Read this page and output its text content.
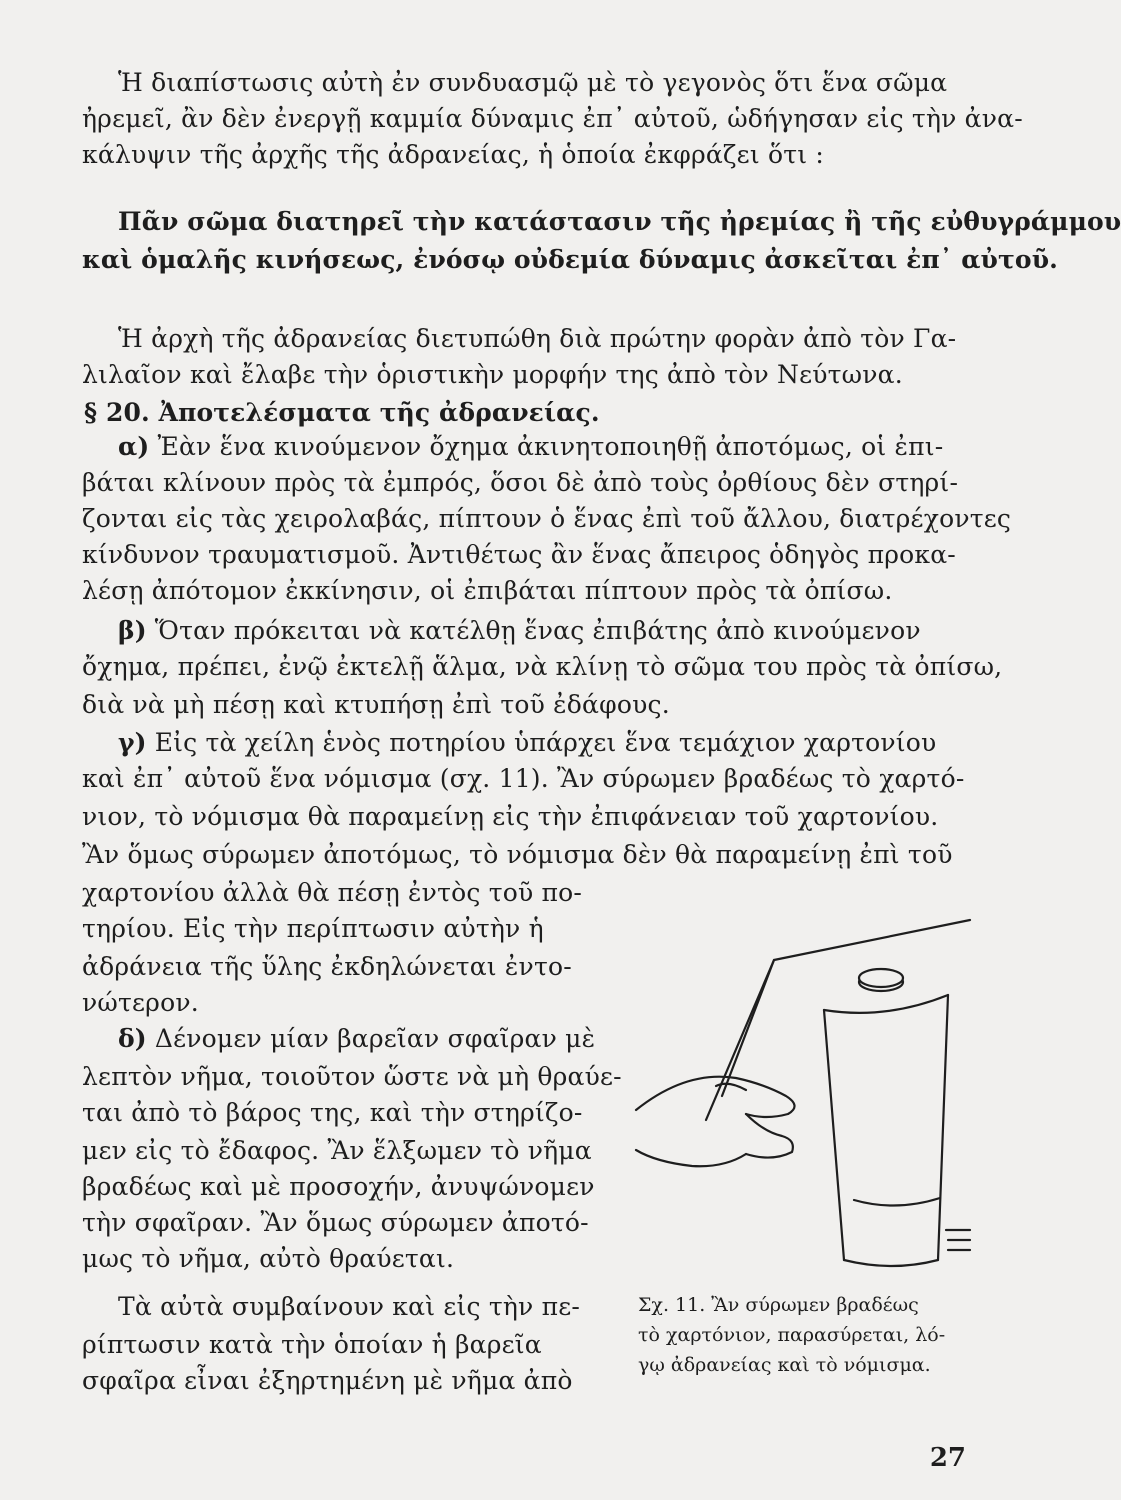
Ἡ διαπίστωσις αὐτὴ ἐν συνδυασμῷ μὲ τὸ γεγονὸς ὅτι ἕνα σῶμα
ἠρεμεῖ, ἂν δὲν ἐνεργῇ καμμία δύναμις ἐπ᾽ αὐτοῦ, ὡδήγησαν εἰς τὴν ἀνα-
κάλυψιν τῆς ἀρχῆς τῆς ἀδρανείας, ἡ ὁποία ἐκφράζει ὅτι :
Πᾶν σῶμα διατηρεῖ τὴν κατάστασιν τῆς ἠρεμίας ἢ τῆς εὐθυγράμμου
καὶ ὁμαλῆς κινήσεως, ἐνόσῳ οὐδεμία δύναμις ἀσκεῖται ἐπ᾽ αὐτοῦ.
Ἡ ἀρχὴ τῆς ἀδρανείας διετυπώθη διὰ πρώτην φορὰν ἀπὸ τὸν Γα-
λιλαῖον καὶ ἔλαβε τὴν ὁριστικὴν μορφήν της ἀπὸ τὸν Νεύτωνα.
§ 20. Ἀποτελέσματα τῆς ἀδρανείας.
α) Ἐὰν ἕνα κινούμενον ὄχημα ἀκινητοποιηθῇ ἀποτόμως, οἱ ἐπι-
βάται κλίνουν πρὸς τὰ ἐμπρός, ὅσοι δὲ ἀπὸ τοὺς ὀρθίους δὲν στηρί-
ζονται εἰς τὰς χειρολαβάς, πίπτουν ὁ ἕνας ἐπὶ τοῦ ἄλλου, διατρέχοντες
κίνδυνον τραυματισμοῦ. Ἀντιθέτως ἂν ἕνας ἄπειρος ὁδηγὸς προκα-
λέσῃ ἀπότομον ἐκκίνησιν, οἱ ἐπιβάται πίπτουν πρὸς τὰ ὀπίσω.
β) Ὅταν πρόκειται νὰ κατέλθῃ ἕνας ἐπιβάτης ἀπὸ κινούμενον
ὄχημα, πρέπει, ἐνῷ ἐκτελῇ ἅλμα, νὰ κλίνῃ τὸ σῶμα του πρὸς τὰ ὀπίσω,
διὰ νὰ μὴ πέσῃ καὶ κτυπήσῃ ἐπὶ τοῦ ἐδάφους.
γ) Εἰς τὰ χείλη ἑνὸς ποτηρίου ὑπάρχει ἕνα τεμάχιον χαρτονίου
καὶ ἐπ᾽ αὐτοῦ ἕνα νόμισμα (σχ. 11). Ἂν σύρωμεν βραδέως τὸ χαρτό-
νιον, τὸ νόμισμα θὰ παραμείνῃ εἰς τὴν ἐπιφάνειαν τοῦ χαρτονίου.
Ἂν ὅμως σύρωμεν ἀποτόμως, τὸ νόμισμα δὲν θὰ παραμείνῃ ἐπὶ τοῦ
χαρτονίου ἀλλὰ θὰ πέσῃ ἐντὸς τοῦ πο-
τηρίου. Εἰς τὴν περίπτωσιν αὐτὴν ἡ
ἀδράνεια τῆς ὕλης ἐκδηλώνεται ἐντο-
νώτερον.
δ) Δένομεν μίαν βαρεῖαν σφαῖραν μὲ
λεπτὸν νῆμα, τοιοῦτον ὥστε νὰ μὴ θραύε-
ται ἀπὸ τὸ βάρος της, καὶ τὴν στηρίζο-
μεν εἰς τὸ ἔδαφος. Ἂν ἕλξωμεν τὸ νῆμα
βραδέως καὶ μὲ προσοχήν, ἀνυψώνομεν
τὴν σφαῖραν. Ἂν ὅμως σύρωμεν ἀποτό-
μως τὸ νῆμα, αὐτὸ θραύεται.
Τὰ αὐτὰ συμβαίνουν καὶ εἰς τὴν πε-
ρίπτωσιν κατὰ τὴν ὁποίαν ἡ βαρεῖα
σφαῖρα εἶναι ἐξηρτημένη μὲ νῆμα ἀπὸ
Σχ. 11. Ἂν σύρωμεν βραδέως
τὸ χαρτόνιον, παρασύρεται, λό-
γῳ ἀδρανείας καὶ τὸ νόμισμα.
27
